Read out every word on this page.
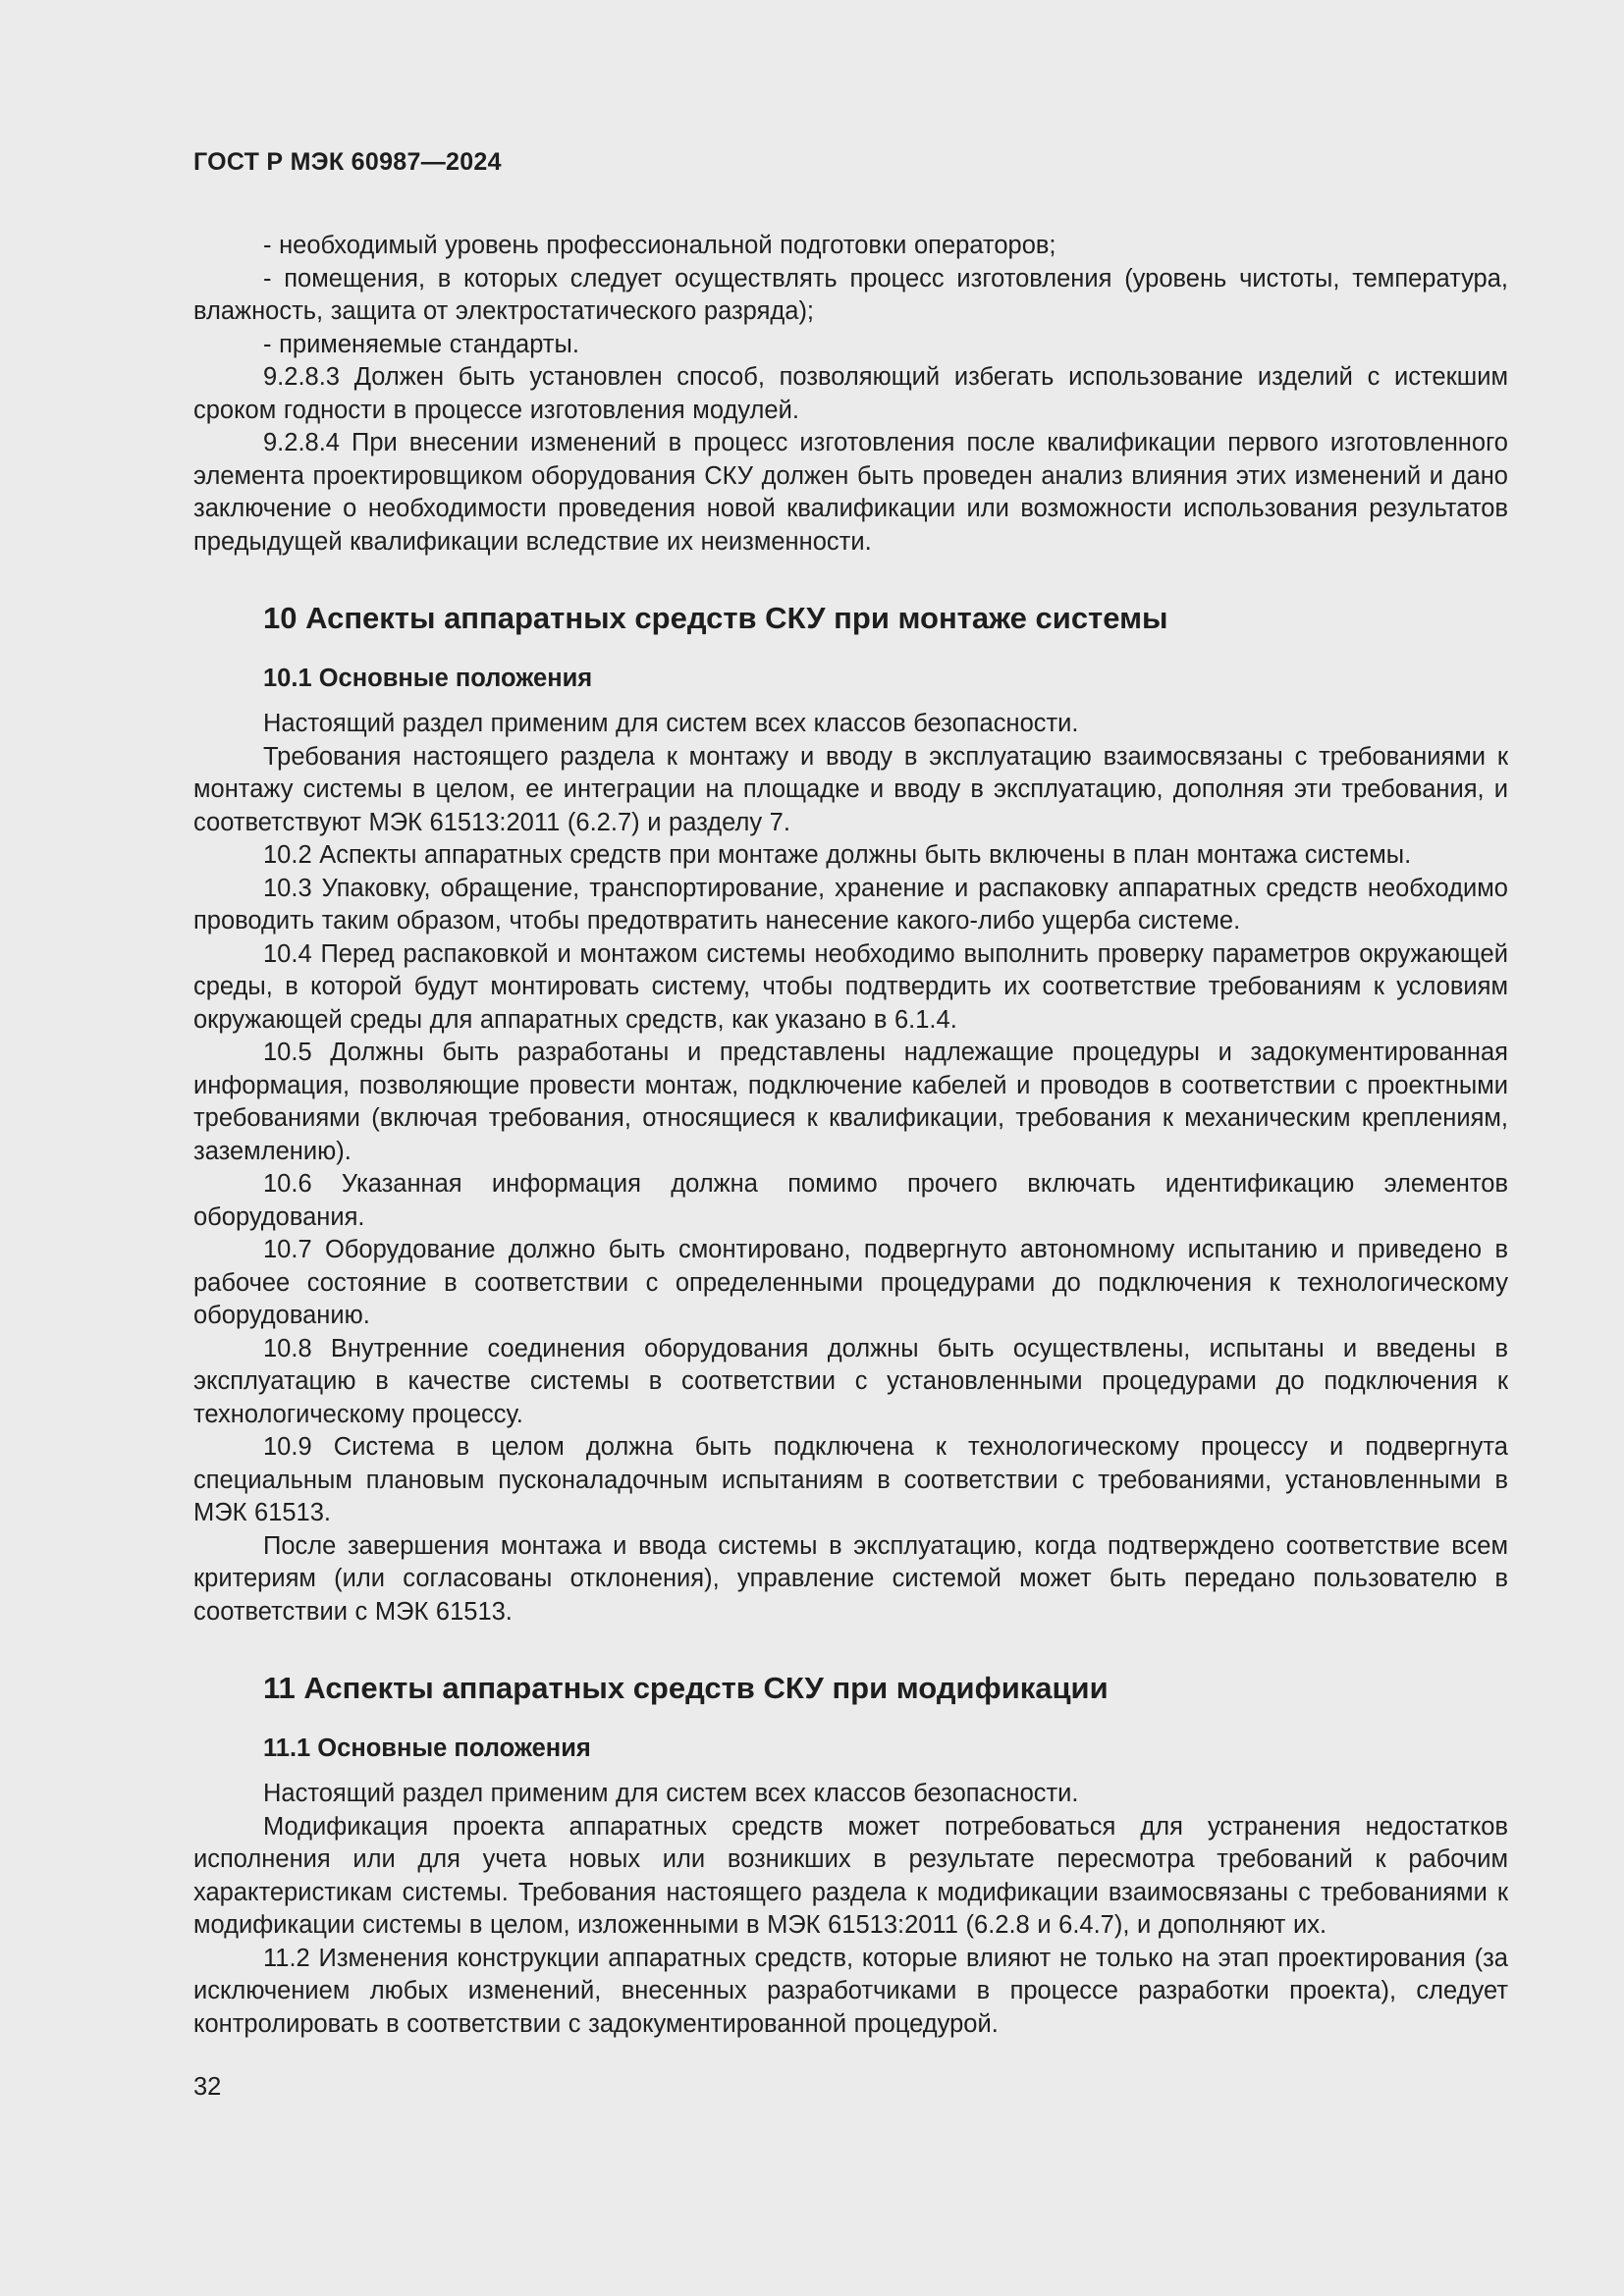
ГОСТ Р МЭК 60987—2024

- необходимый уровень профессиональной подготовки операторов;

- помещения, в которых следует осуществлять процесс изготовления (уровень чистоты, температура, влажность, защита от электростатического разряда);

- применяемые стандарты.

9.2.8.3 Должен быть установлен способ, позволяющий избегать использование изделий с истекшим сроком годности в процессе изготовления модулей.

9.2.8.4 При внесении изменений в процесс изготовления после квалификации первого изготовленного элемента проектировщиком оборудования СКУ должен быть проведен анализ влияния этих изменений и дано заключение о необходимости проведения новой квалификации или возможности использования результатов предыдущей квалификации вследствие их неизменности.

10 Аспекты аппаратных средств СКУ при монтаже системы
10.1 Основные положения

Настоящий раздел применим для систем всех классов безопасности.

Требования настоящего раздела к монтажу и вводу в эксплуатацию взаимосвязаны с требованиями к монтажу системы в целом, ее интеграции на площадке и вводу в эксплуатацию, дополняя эти требования, и соответствуют МЭК 61513:2011 (6.2.7) и разделу 7.

10.2 Аспекты аппаратных средств при монтаже должны быть включены в план монтажа системы.

10.3 Упаковку, обращение, транспортирование, хранение и распаковку аппаратных средств необходимо проводить таким образом, чтобы предотвратить нанесение какого-либо ущерба системе.

10.4 Перед распаковкой и монтажом системы необходимо выполнить проверку параметров окружающей среды, в которой будут монтировать систему, чтобы подтвердить их соответствие требованиям к условиям окружающей среды для аппаратных средств, как указано в 6.1.4.

10.5 Должны быть разработаны и представлены надлежащие процедуры и задокументированная информация, позволяющие провести монтаж, подключение кабелей и проводов в соответствии с проектными требованиями (включая требования, относящиеся к квалификации, требования к механическим креплениям, заземлению).

10.6 Указанная информация должна помимо прочего включать идентификацию элементов оборудования.

10.7 Оборудование должно быть смонтировано, подвергнуто автономному испытанию и приведено в рабочее состояние в соответствии с определенными процедурами до подключения к технологическому оборудованию.

10.8 Внутренние соединения оборудования должны быть осуществлены, испытаны и введены в эксплуатацию в качестве системы в соответствии с установленными процедурами до подключения к технологическому процессу.

10.9 Система в целом должна быть подключена к технологическому процессу и подвергнута специальным плановым пусконаладочным испытаниям в соответствии с требованиями, установленными в МЭК 61513.

После завершения монтажа и ввода системы в эксплуатацию, когда подтверждено соответствие всем критериям (или согласованы отклонения), управление системой может быть передано пользователю в соответствии с МЭК 61513.

11 Аспекты аппаратных средств СКУ при модификации
11.1 Основные положения

Настоящий раздел применим для систем всех классов безопасности.

Модификация проекта аппаратных средств может потребоваться для устранения недостатков исполнения или для учета новых или возникших в результате пересмотра требований к рабочим характеристикам системы. Требования настоящего раздела к модификации взаимосвязаны с требованиями к модификации системы в целом, изложенными в МЭК 61513:2011 (6.2.8 и 6.4.7), и дополняют их.

11.2 Изменения конструкции аппаратных средств, которые влияют не только на этап проектирования (за исключением любых изменений, внесенных разработчиками в процессе разработки проекта), следует контролировать в соответствии с задокументированной процедурой.

32
